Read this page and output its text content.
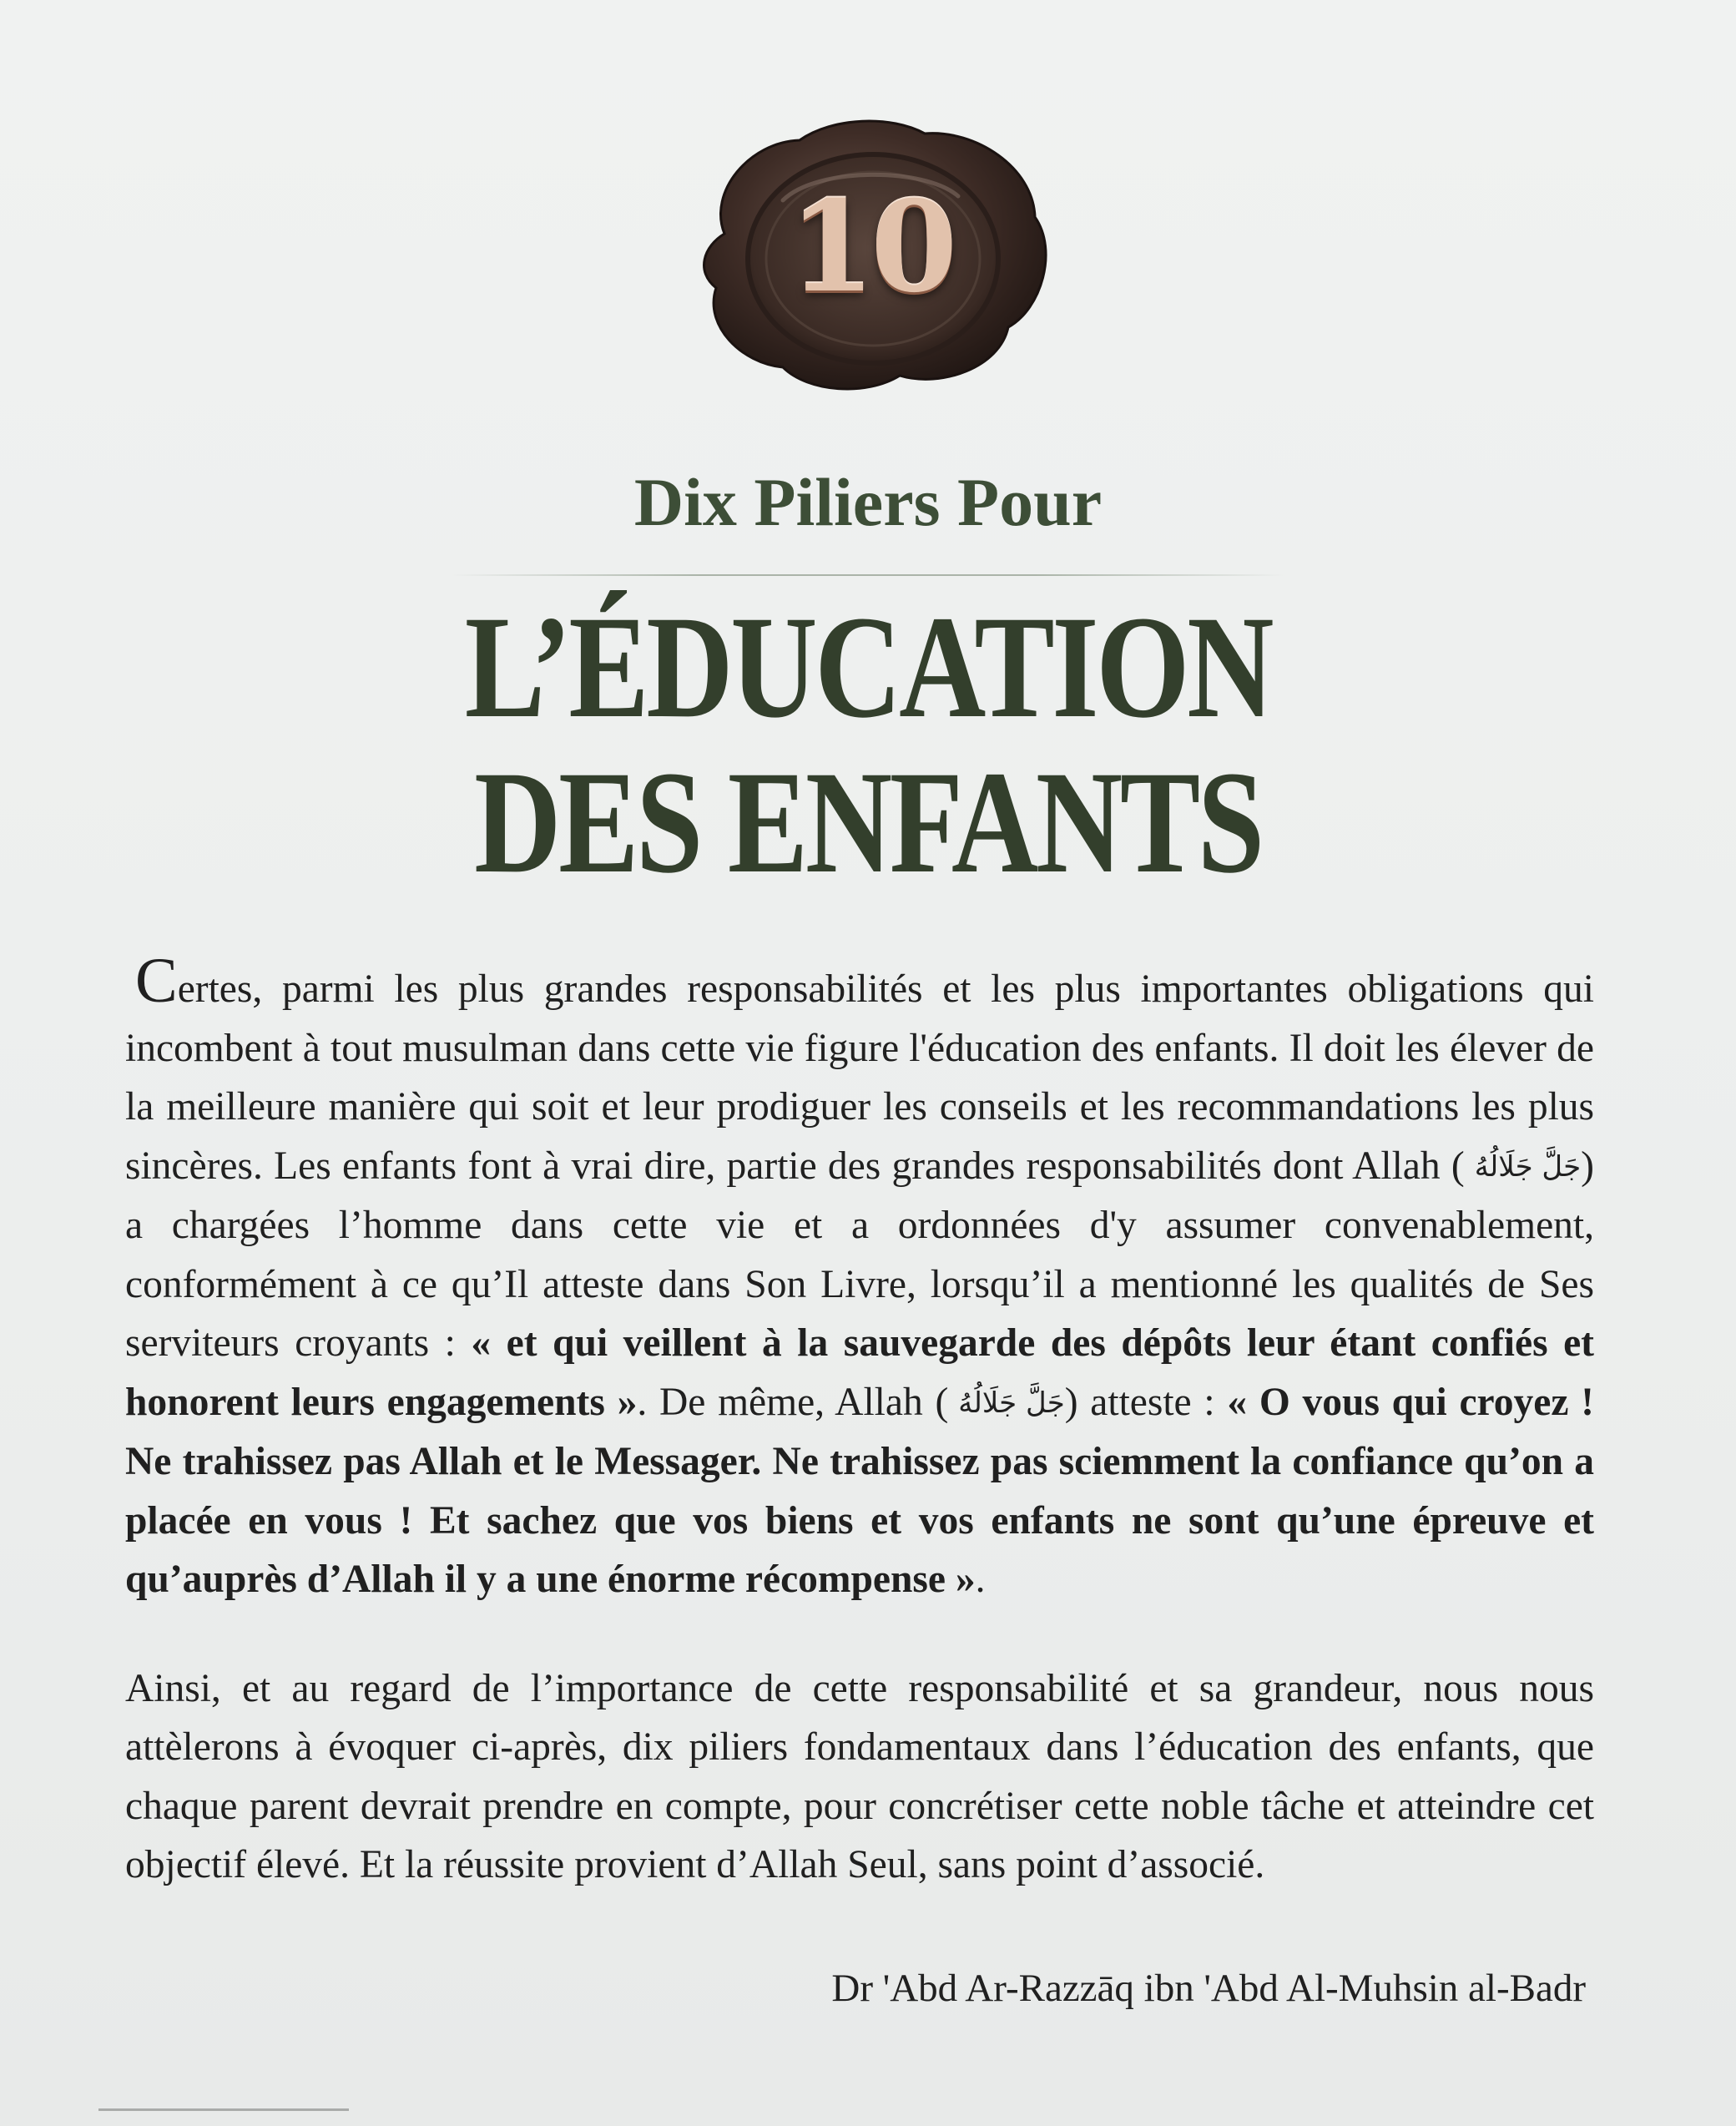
10
Dix Piliers Pour
L’ÉDUCATION
DES ENFANTS

Certes, parmi les plus grandes responsabilités et les plus importantes obligations qui incombent à tout musulman dans cette vie figure l'éducation des enfants. Il doit les élever de la meilleure manière qui soit et leur prodiguer les conseils et les recommandations les plus sincères. Les enfants font à vrai dire, partie des grandes responsabilités dont Allah ( جَلَّ جَلَالُهُ) a chargées l’homme dans cette vie et a ordonnées d'y assumer convenablement, conformément à ce qu’Il atteste dans Son Livre, lorsqu’il a mentionné les qualités de Ses serviteurs croyants : « et qui veillent à la sauvegarde des dépôts leur étant confiés et honorent leurs engagements ». De même, Allah ( جَلَّ جَلَالُهُ) atteste : « O vous qui croyez ! Ne trahissez pas Allah et le Messager. Ne trahissez pas sciemment la confiance qu’on a placée en vous ! Et sachez que vos biens et vos enfants ne sont qu’une épreuve et qu’auprès d’Allah il y a une énorme récompense ».

Ainsi, et au regard de l’importance de cette responsabilité et sa grandeur, nous nous attèlerons à évoquer ci-après, dix piliers fondamentaux dans l’éducation des enfants, que chaque parent devrait prendre en compte, pour concrétiser cette noble tâche et atteindre cet objectif élevé. Et la réussite provient d’Allah Seul, sans point d’associé.

Dr 'Abd Ar-Razzāq ibn 'Abd Al-Muhsin al-Badr
